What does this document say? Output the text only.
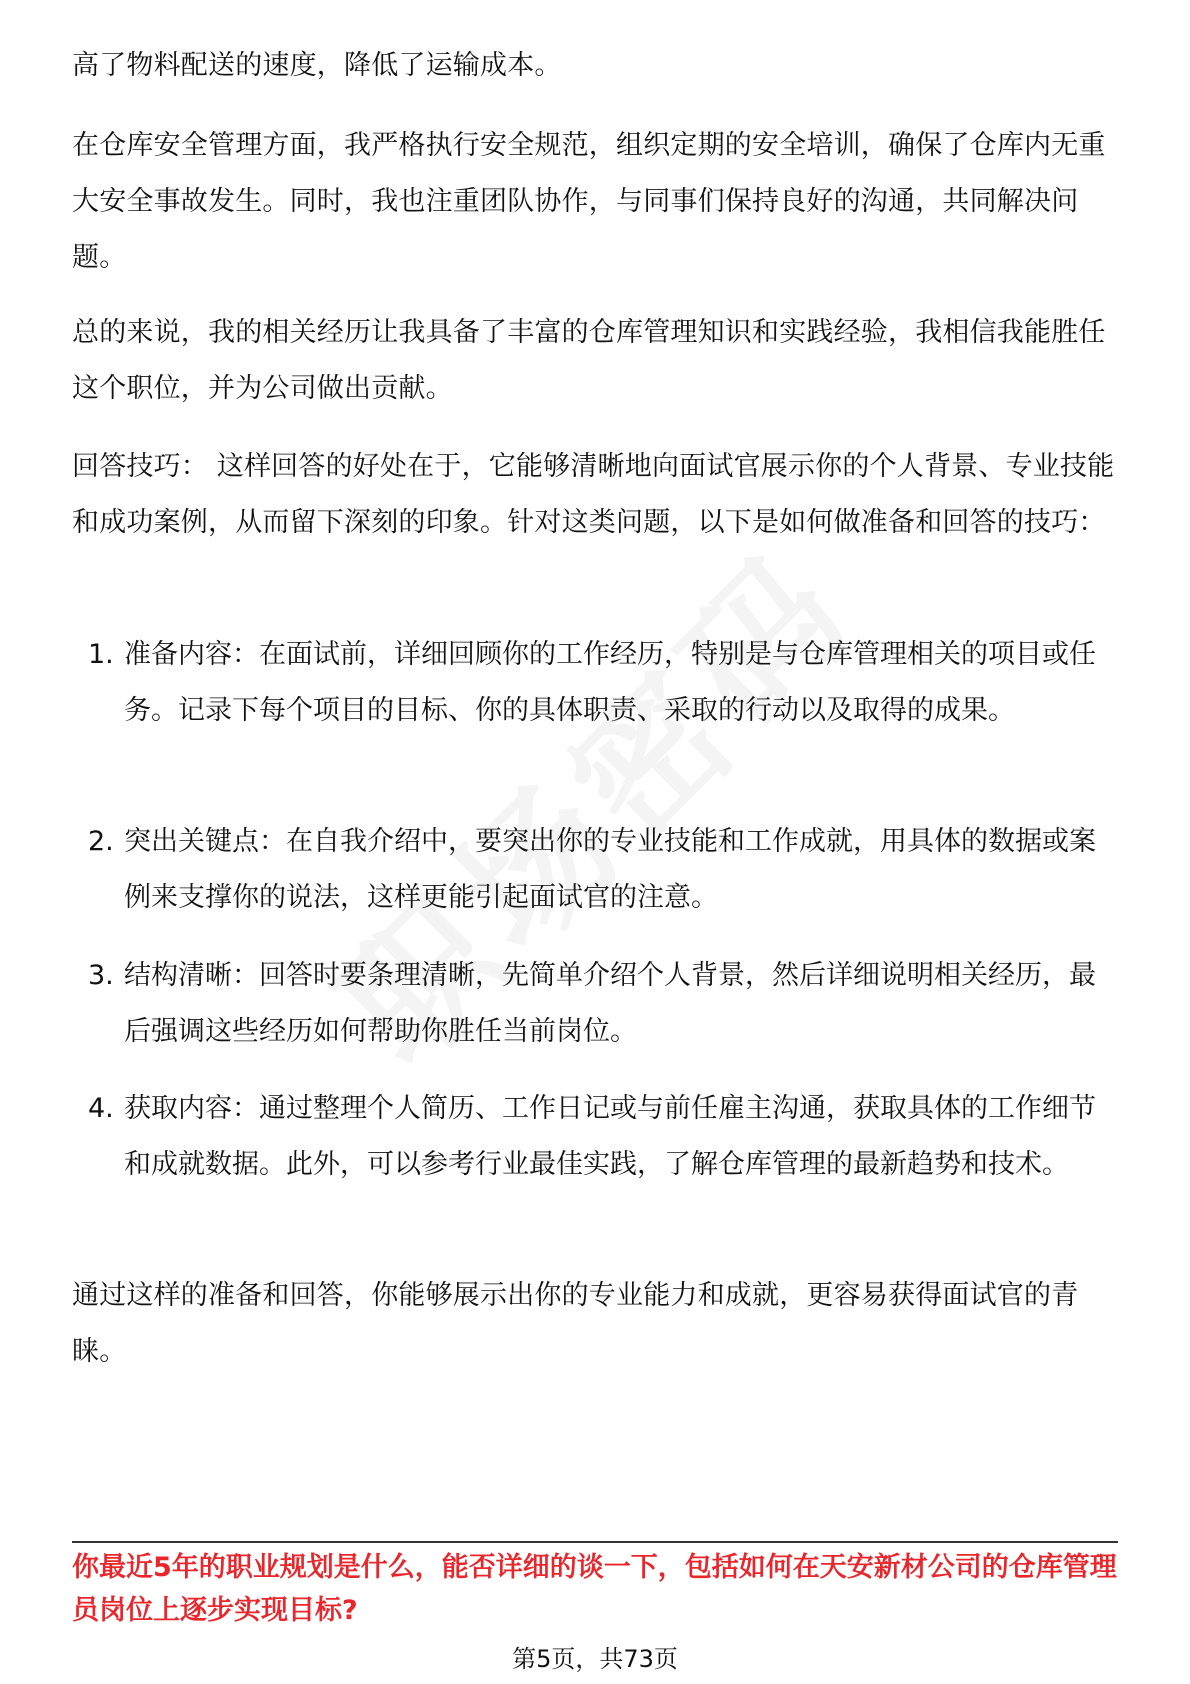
高了物料配送的速度，降低了运输成本。

在仓库安全管理方面，我严格执行安全规范，组织定期的安全培训，确保了仓库内无重大安全事故发生。同时，我也注重团队协作，与同事们保持良好的沟通，共同解决问题。

总的来说，我的相关经历让我具备了丰富的仓库管理知识和实践经验，我相信我能胜任这个职位，并为公司做出贡献。

回答技巧： 这样回答的好处在于，它能够清晰地向面试官展示你的个人背景、专业技能和成功案例，从而留下深刻的印象。针对这类问题，以下是如何做准备和回答的技巧：

1. 准备内容：在面试前，详细回顾你的工作经历，特别是与仓库管理相关的项目或任务。记录下每个项目的目标、你的具体职责、采取的行动以及取得的成果。
2. 突出关键点：在自我介绍中，要突出你的专业技能和工作成就，用具体的数据或案例来支撑你的说法，这样更能引起面试官的注意。
3. 结构清晰：回答时要条理清晰，先简单介绍个人背景，然后详细说明相关经历，最后强调这些经历如何帮助你胜任当前岗位。
4. 获取内容：通过整理个人简历、工作日记或与前任雇主沟通，获取具体的工作细节和成就数据。此外，可以参考行业最佳实践，了解仓库管理的最新趋势和技术。

通过这样的准备和回答，你能够展示出你的专业能力和成就，更容易获得面试官的青睐。

你最近5年的职业规划是什么，能否详细的谈一下，包括如何在天安新材公司的仓库管理员岗位上逐步实现目标?
第5页，共73页
